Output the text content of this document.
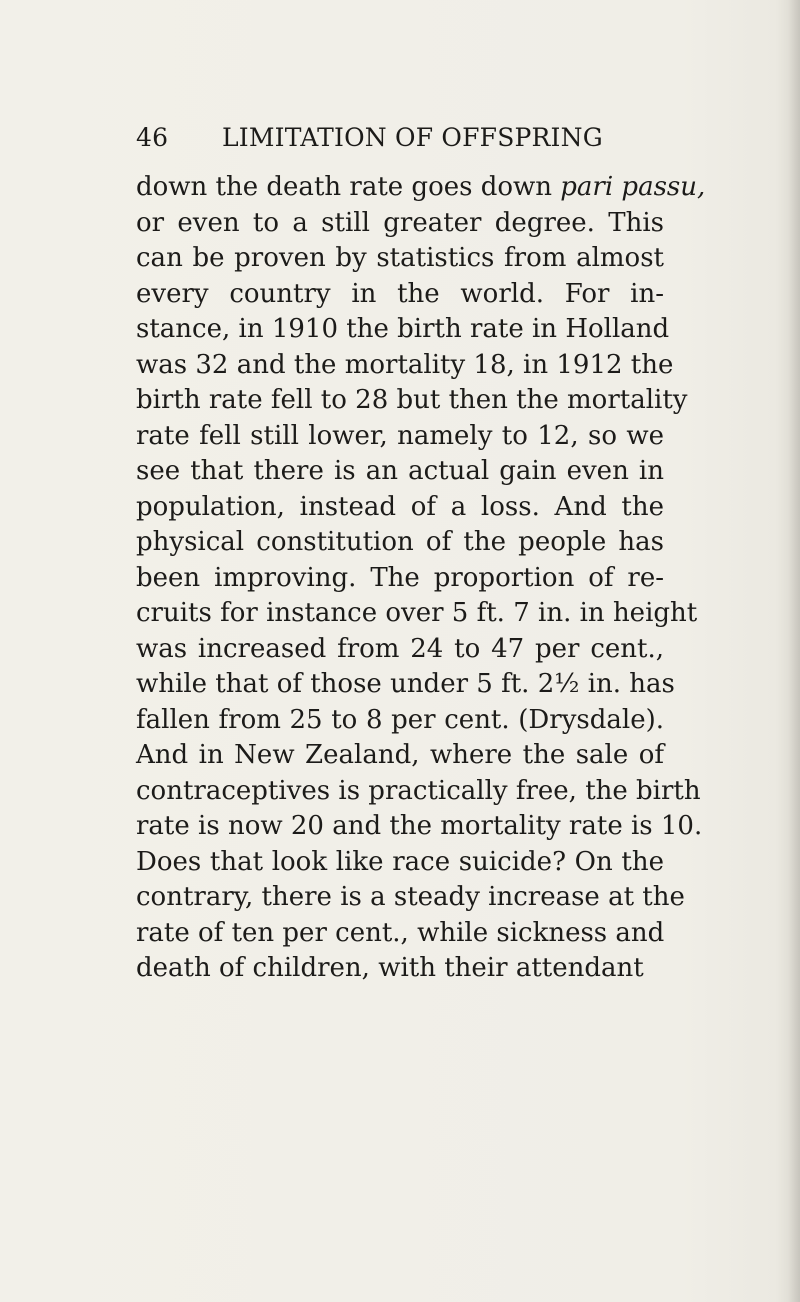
46 LIMITATION OF OFFSPRING
down the death rate goes down pari passu,
or even to a still greater degree. This
can be proven by statistics from almost
every country in the world. For in-
stance, in 1910 the birth rate in Holland
was 32 and the mortality 18, in 1912 the
birth rate fell to 28 but then the mortality
rate fell still lower, namely to 12, so we
see that there is an actual gain even in
population, instead of a loss. And the
physical constitution of the people has
been improving. The proportion of re-
cruits for instance over 5 ft. 7 in. in height
was increased from 24 to 47 per cent.,
while that of those under 5 ft. 2½ in. has
fallen from 25 to 8 per cent. (Drysdale).
And in New Zealand, where the sale of
contraceptives is practically free, the birth
rate is now 20 and the mortality rate is 10.
Does that look like race suicide? On the
contrary, there is a steady increase at the
rate of ten per cent., while sickness and
death of children, with their attendant
